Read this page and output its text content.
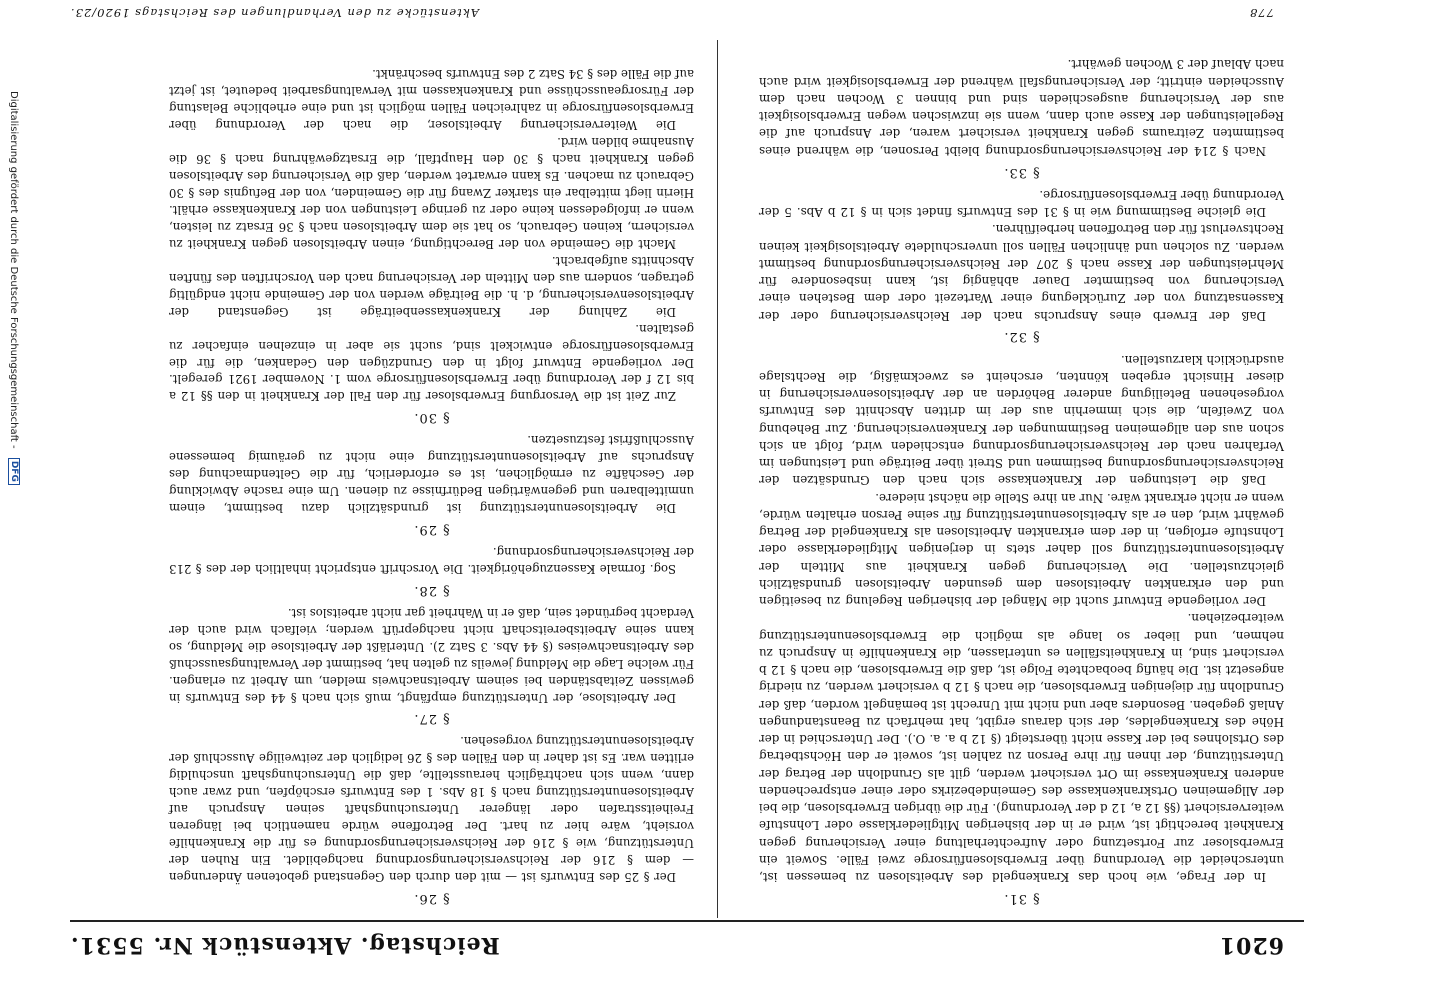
6201
Reichstag. Aktenstück Nr. 5531.
§ 31.

In der Frage, wie hoch das Krankengeld des Arbeitslosen zu bemessen ist, unterscheidet die Verordnung über Erwerbslosenfürsorge zwei Fälle. Soweit ein Erwerbsloser zur Fortsetzung oder Aufrechterhaltung einer Versicherung gegen Krankheit berechtigt ist, wird er in der bisherigen Mitgliederklasse oder Lohnstufe weiterversichert (§§ 12 a, 12 d der Verordnung). Für die übrigen Erwerbslosen, die bei der Allgemeinen Ortskrankenkasse des Gemeindebezirks oder einer entsprechenden anderen Krankenkasse im Ort versichert werden, gilt als Grundlohn der Betrag der Unterstützung, der ihnen für ihre Person zu zahlen ist, soweit er den Höchstbetrag des Ortslohnes bei der Kasse nicht übersteigt (§ 12 b a. a. O.). Der Unterschied in der Höhe des Krankengeldes, der sich daraus ergibt, hat mehrfach zu Beanstandungen Anlaß gegeben. Besonders aber und nicht mit Unrecht ist bemängelt worden, daß der Grundlohn für diejenigen Erwerbslosen, die nach § 12 b versichert werden, zu niedrig angesetzt ist. Die häufig beobachtete Folge ist, daß die Erwerbslosen, die nach § 12 b versichert sind, in Krankheitsfällen es unterlassen, die Krankenhilfe in Anspruch zu nehmen, und lieber so lange als möglich die Erwerbslosenunterstützung weiterbeziehen.

Der vorliegende Entwurf sucht die Mängel der bisherigen Regelung zu beseitigen und den erkrankten Arbeitslosen dem gesunden Arbeitslosen grundsätzlich gleichzustellen. Die Versicherung gegen Krankheit aus Mitteln der Arbeitslosenunterstützung soll daher stets in derjenigen Mitgliederklasse oder Lohnstufe erfolgen, in der dem erkrankten Arbeitslosen als Krankengeld der Betrag gewährt wird, den er als Arbeitslosenunterstützung für seine Person erhalten würde, wenn er nicht erkrankt wäre. Nur an ihre Stelle die nächst niedere.

Daß die Leistungen der Krankenkasse sich nach den Grundsätzen der Reichsversicherungsordnung bestimmen und Streit über Beiträge und Leistungen im Verfahren nach der Reichsversicherungsordnung entschieden wird, folgt an sich schon aus den allgemeinen Bestimmungen der Krankenversicherung. Zur Behebung von Zweifeln, die sich immerhin aus der im dritten Abschnitt des Entwurfs vorgesehenen Beteiligung anderer Behörden an der Arbeitslosenversicherung in dieser Hinsicht ergeben könnten, erscheint es zweckmäßig, die Rechtslage ausdrücklich klarzustellen.

§ 32.

Daß der Erwerb eines Anspruchs nach der Reichsversicherung oder der Kassensatzung von der Zurücklegung einer Wartezeit oder dem Bestehen einer Versicherung von bestimmter Dauer abhängig ist, kann insbesondere für Mehrleistungen der Kasse nach § 207 der Reichsversicherungsordnung bestimmt werden. Zu solchen und ähnlichen Fällen soll unverschuldete Arbeitslosigkeit keinen Rechtsverlust für den Betroffenen herbeiführen.

Die gleiche Bestimmung wie in § 31 des Entwurfs findet sich in § 12 b Abs. 5 der Verordnung über Erwerbslosenfürsorge.

§ 33.

Nach § 214 der Reichsversicherungsordnung bleibt Personen, die während eines bestimmten Zeitraums gegen Krankheit versichert waren, der Anspruch auf die Regelleistungen der Kasse auch dann, wenn sie inzwischen wegen Erwerbslosigkeit aus der Versicherung ausgeschieden sind und binnen 3 Wochen nach dem Ausscheiden eintritt; der Versicherungsfall während der Erwerbslosigkeit wird auch nach Ablauf der 3 Wochen gewährt.

§ 26.

Der § 25 des Entwurfs ist — mit den durch den Gegenstand gebotenen Änderungen — dem § 216 der Reichsversicherungsordnung nachgebildet. Ein Ruhen der Unterstützung, wie § 216 der Reichsversicherungsordnung es für die Krankenhilfe vorsieht, wäre hier zu hart. Der Betroffene würde namentlich bei längeren Freiheitsstrafen oder längerer Untersuchungshaft seinen Anspruch auf Arbeitslosenunterstützung nach § 18 Abs. 1 des Entwurfs erschöpfen, und zwar auch dann, wenn sich nachträglich herausstellte, daß die Untersuchungshaft unschuldig erlitten war. Es ist daher in den Fällen des § 26 lediglich der zeitweilige Ausschluß der Arbeitslosenunterstützung vorgesehen.

§ 27.

Der Arbeitslose, der Unterstützung empfängt, muß sich nach § 44 des Entwurfs in gewissen Zeitabständen bei seinem Arbeitsnachweis melden, um Arbeit zu erlangen. Für welche Lage die Meldung jeweils zu gelten hat, bestimmt der Verwaltungsausschuß des Arbeitsnachweises (§ 44 Abs. 3 Satz 2). Unterläßt der Arbeitslose die Meldung, so kann seine Arbeitsbereitschaft nicht nachgeprüft werden; vielfach wird auch der Verdacht begründet sein, daß er in Wahrheit gar nicht arbeitslos ist.

§ 28.

Sog. formale Kassenzugehörigkeit. Die Vorschrift entspricht inhaltlich der des § 213 der Reichsversicherungsordnung.

§ 29.

Die Arbeitslosenunterstützung ist grundsätzlich dazu bestimmt, einem unmittelbaren und gegenwärtigen Bedürfnisse zu dienen. Um eine rasche Abwicklung der Geschäfte zu ermöglichen, ist es erforderlich, für die Geltendmachung des Anspruchs auf Arbeitslosenunterstützung eine nicht zu geräumig bemessene Ausschlußfrist festzusetzen.

§ 30.

Zur Zeit ist die Versorgung Erwerbsloser für den Fall der Krankheit in den §§ 12 a bis 12 f der Verordnung über Erwerbslosenfürsorge vom 1. November 1921 geregelt. Der vorliegende Entwurf folgt in den Grundzügen den Gedanken, die für die Erwerbslosenfürsorge entwickelt sind, sucht sie aber in einzelnen einfacher zu gestalten.

Die Zahlung der Krankenkassenbeiträge ist Gegenstand der Arbeitslosenversicherung, d. h. die Beiträge werden von der Gemeinde nicht endgültig getragen, sondern aus den Mitteln der Versicherung nach den Vorschriften des fünften Abschnitts aufgebracht.

Macht die Gemeinde von der Berechtigung, einen Arbeitslosen gegen Krankheit zu versichern, keinen Gebrauch, so hat sie dem Arbeitslosen nach § 36 Ersatz zu leisten, wenn er infolgedessen keine oder zu geringe Leistungen von der Krankenkasse erhält. Hierin liegt mittelbar ein starker Zwang für die Gemeinden, von der Befugnis des § 30 Gebrauch zu machen. Es kann erwartet werden, daß die Versicherung des Arbeitslosen gegen Krankheit nach § 30 den Hauptfall, die Ersatzgewährung nach § 36 die Ausnahme bilden wird.

Die Weiterversicherung Arbeitsloser, die nach der Verordnung über Erwerbslosenfürsorge in zahlreichen Fällen möglich ist und eine erhebliche Belastung der Fürsorgeausschüsse und Krankenkassen mit Verwaltungsarbeit bedeutet, ist jetzt auf die Fälle des § 34 Satz 2 des Entwurfs beschränkt.

778
Aktenstücke zu den Verhandlungen des Reichstags 1920/23.
Digitalisierung gefördert durch die Deutsche Forschungsgemeinschaft - DFG
